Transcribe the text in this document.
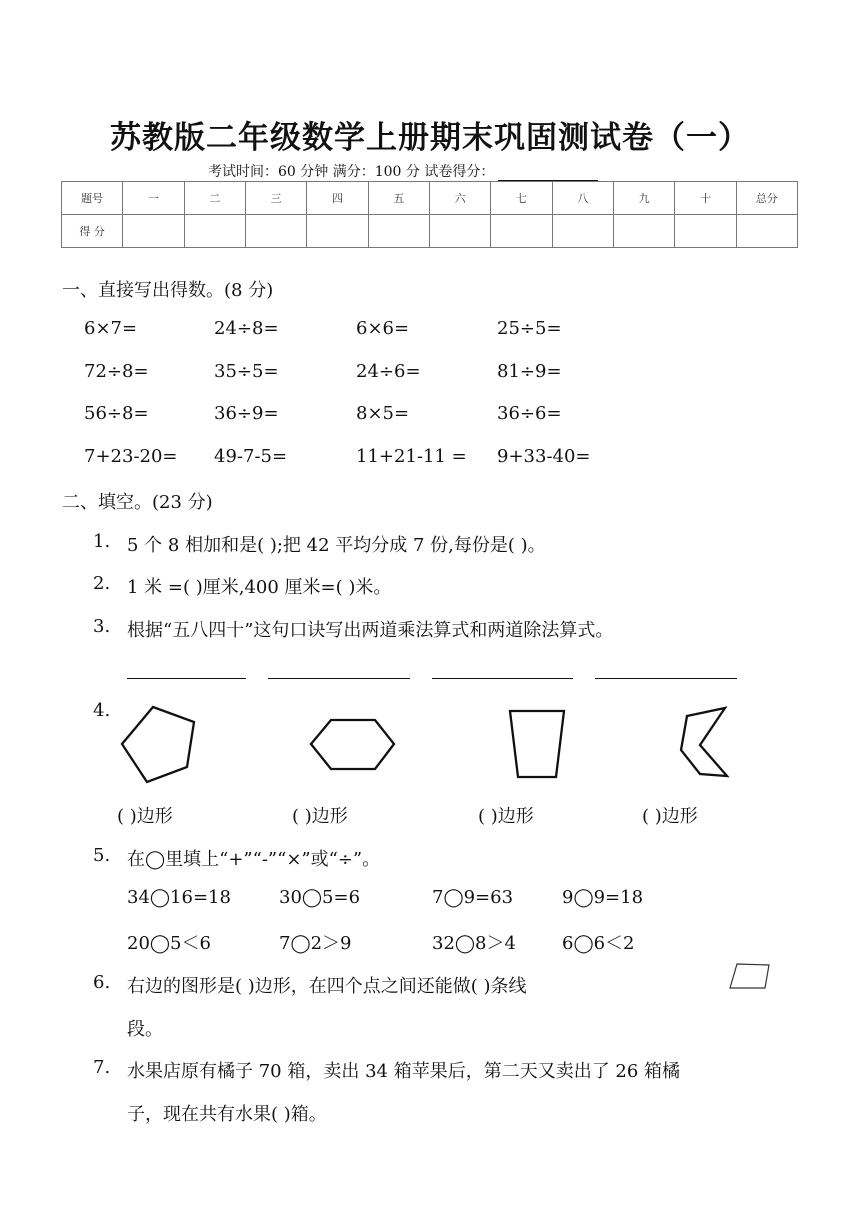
苏教版二年级数学上册期末巩固测试卷（一）
考试时间：60 分钟 满分：100 分 试卷得分：
题号	一	二	三	四	五	六	七	八	九	十	总分
得 分											
一、直接写出得数。(8 分)
6×7=	24÷8=	6×6=	25÷5=
72÷8=	35÷5=	24÷6=	81÷9=
56÷8=	36÷9=	8×5=	36÷6=
7+23-20= 49-7-5=	11+21-11 = 9+33-40=
二、填空。(23 分)
1. 5 个 8 相加和是( );把 42 平均分成 7 份,每份是( )。
2. 1 米 =( )厘米,400 厘米=( )米。
3. 根据“五八四十”这句口诀写出两道乘法算式和两道除法算式。
4.
( )边形	( )边形	( )边形	( )边形
5. 在◯里填上“+”“-”“×”或“÷”。
34◯16=18	30◯5=6	7◯9=63	9◯9=18
20◯5＜6	7◯2＞9	32◯8＞4	6◯6＜2
6. 右边的图形是( )边形，在四个点之间还能做( )条线
段。
7. 水果店原有橘子 70 箱，卖出 34 箱苹果后，第二天又卖出了 26 箱橘
子，现在共有水果( )箱。
